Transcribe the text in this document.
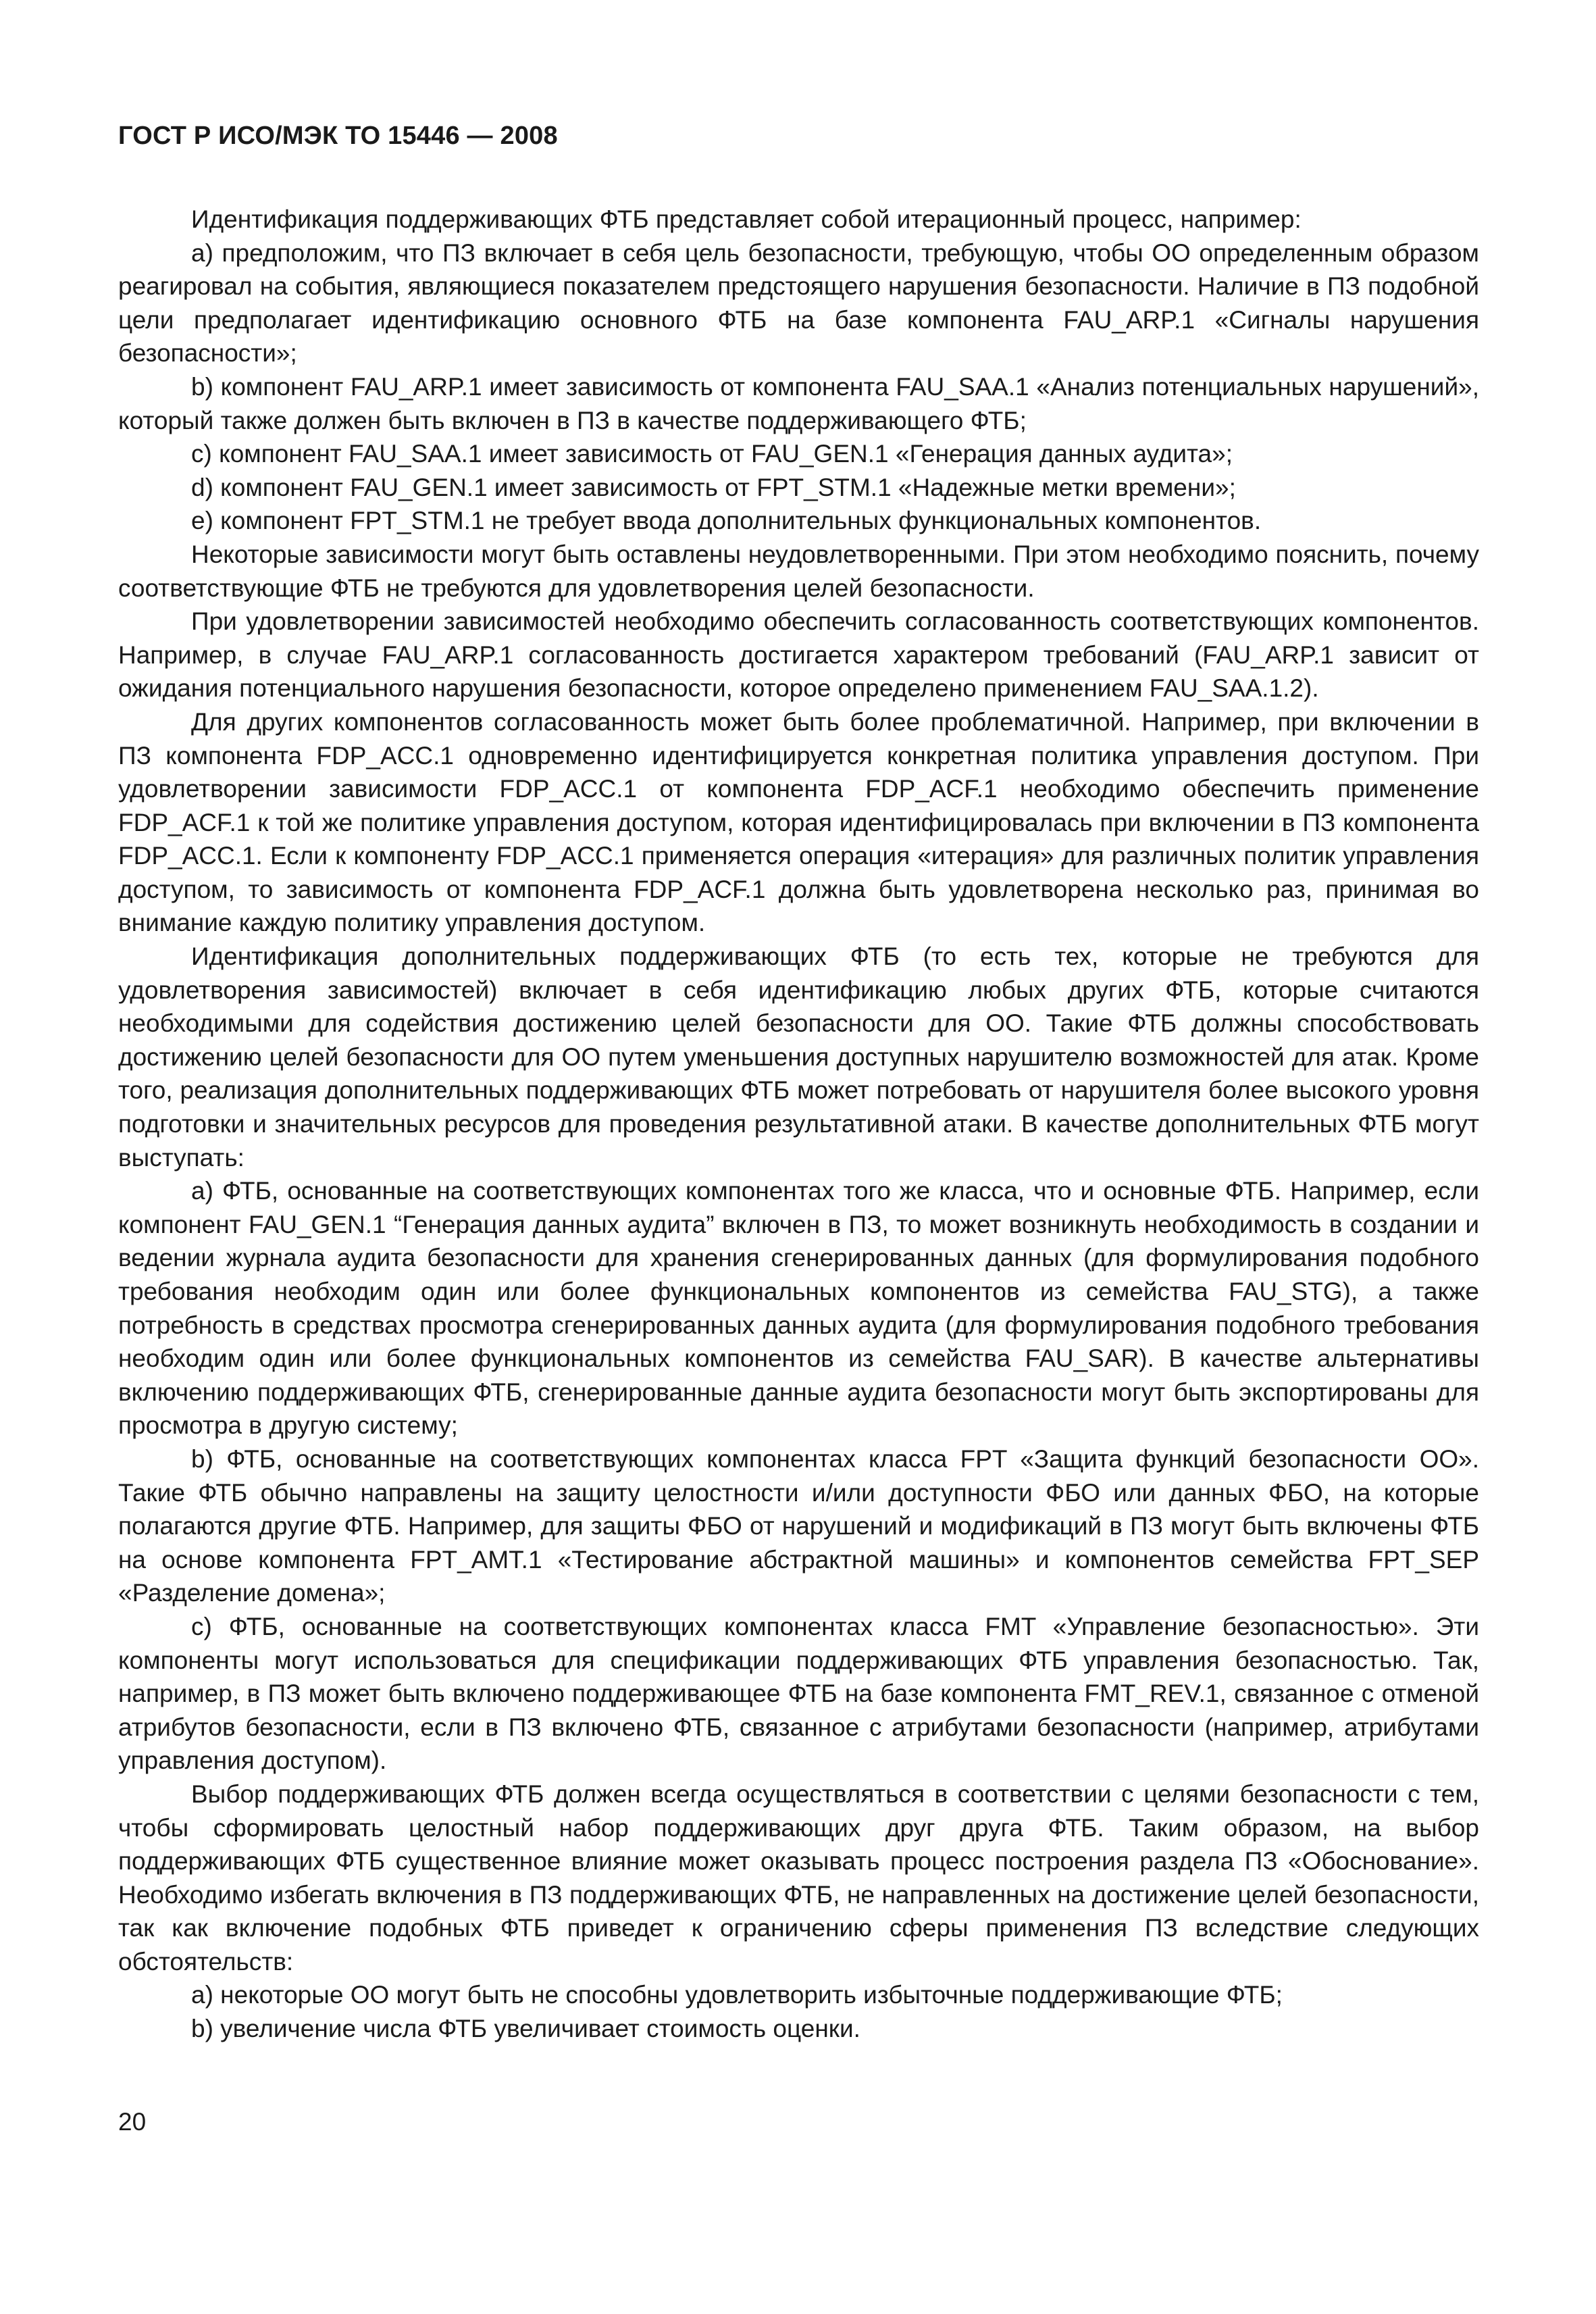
ГОСТ Р ИСО/МЭК ТО 15446 — 2008

Идентификация поддерживающих ФТБ представляет собой итерационный процесс, например:

a) предположим, что ПЗ включает в себя цель безопасности, требующую, чтобы ОО определенным образом реагировал на события, являющиеся показателем предстоящего нарушения безопасности. Наличие в ПЗ подобной цели предполагает идентификацию основного ФТБ на базе компонента FAU_ARP.1 «Сигналы нарушения безопасности»;

b) компонент FAU_ARP.1 имеет зависимость от компонента FAU_SAA.1 «Анализ потенциальных нарушений», который также должен быть включен в ПЗ в качестве поддерживающего ФТБ;

c) компонент FAU_SAA.1 имеет зависимость от FAU_GEN.1 «Генерация данных аудита»;

d) компонент FAU_GEN.1 имеет зависимость от FPT_STM.1 «Надежные метки времени»;

e) компонент FPT_STM.1 не требует ввода дополнительных функциональных компонентов.

Некоторые зависимости могут быть оставлены неудовлетворенными. При этом необходимо пояснить, почему соответствующие ФТБ не требуются для удовлетворения целей безопасности.

При удовлетворении зависимостей необходимо обеспечить согласованность соответствующих компонентов. Например, в случае FAU_ARP.1 согласованность достигается характером требований (FAU_ARP.1 зависит от ожидания потенциального нарушения безопасности, которое определено применением FAU_SAA.1.2).

Для других компонентов согласованность может быть более проблематичной. Например, при включении в ПЗ компонента FDP_ACC.1 одновременно идентифицируется конкретная политика управления доступом. При удовлетворении зависимости FDP_ACC.1 от компонента FDP_ACF.1 необходимо обеспечить применение FDP_ACF.1 к той же политике управления доступом, которая идентифицировалась при включении в ПЗ компонента FDP_ACC.1. Если к компоненту FDP_ACC.1 применяется операция «итерация» для различных политик управления доступом, то зависимость от компонента FDP_ACF.1 должна быть удовлетворена несколько раз, принимая во внимание каждую политику управления доступом.

Идентификация дополнительных поддерживающих ФТБ (то есть тех, которые не требуются для удовлетворения зависимостей) включает в себя идентификацию любых других ФТБ, которые считаются необходимыми для содействия достижению целей безопасности для ОО. Такие ФТБ должны способствовать достижению целей безопасности для ОО путем уменьшения доступных нарушителю возможностей для атак. Кроме того, реализация дополнительных поддерживающих ФТБ может потребовать от нарушителя более высокого уровня подготовки и значительных ресурсов для проведения результативной атаки. В качестве дополнительных ФТБ могут выступать:

a) ФТБ, основанные на соответствующих компонентах того же класса, что и основные ФТБ. Например, если компонент FAU_GEN.1 “Генерация данных аудита” включен в ПЗ, то может возникнуть необходимость в создании и ведении журнала аудита безопасности для хранения сгенерированных данных (для формулирования подобного требования необходим один или более функциональных компонентов из семейства FAU_STG), а также потребность в средствах просмотра сгенерированных данных аудита (для формулирования подобного требования необходим один или более функциональных компонентов из семейства FAU_SAR). В качестве альтернативы включению поддерживающих ФТБ, сгенерированные данные аудита безопасности могут быть экспортированы для просмотра в другую систему;

b) ФТБ, основанные на соответствующих компонентах класса FPT «Защита функций безопасности ОО». Такие ФТБ обычно направлены на защиту целостности и/или доступности ФБО или данных ФБО, на которые полагаются другие ФТБ. Например, для защиты ФБО от нарушений и модификаций в ПЗ могут быть включены ФТБ на основе компонента FPT_AMT.1 «Тестирование абстрактной машины» и компонентов семейства FPT_SEP «Разделение домена»;

c) ФТБ, основанные на соответствующих компонентах класса FMT «Управление безопасностью». Эти компоненты могут использоваться для спецификации поддерживающих ФТБ управления безопасностью. Так, например, в ПЗ может быть включено поддерживающее ФТБ на базе компонента FMT_REV.1, связанное с отменой атрибутов безопасности, если в ПЗ включено ФТБ, связанное с атрибутами безопасности (например, атрибутами управления доступом).

Выбор поддерживающих ФТБ должен всегда осуществляться в соответствии с целями безопасности с тем, чтобы сформировать целостный набор поддерживающих друг друга ФТБ. Таким образом, на выбор поддерживающих ФТБ существенное влияние может оказывать процесс построения раздела ПЗ «Обоснование». Необходимо избегать включения в ПЗ поддерживающих ФТБ, не направленных на достижение целей безопасности, так как включение подобных ФТБ приведет к ограничению сферы применения ПЗ вследствие следующих обстоятельств:

a) некоторые ОО могут быть не способны удовлетворить избыточные поддерживающие ФТБ;

b) увеличение числа ФТБ увеличивает стоимость оценки.

20
